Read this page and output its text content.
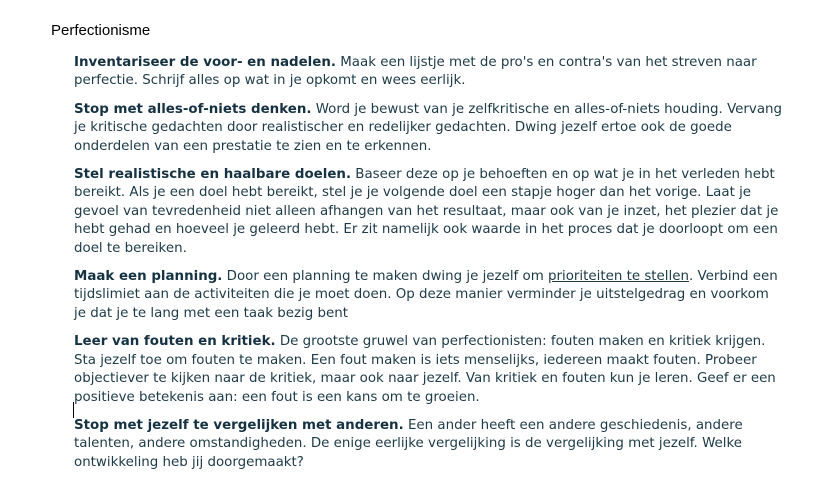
Perfectionisme

Inventariseer de voor- en nadelen. Maak een lijstje met de pro's en contra's van het streven naar perfectie. Schrijf alles op wat in je opkomt en wees eerlijk.

Stop met alles-of-niets denken. Word je bewust van je zelfkritische en alles-of-niets houding. Vervang je kritische gedachten door realistischer en redelijker gedachten. Dwing jezelf ertoe ook de goede onderdelen van een prestatie te zien en te erkennen.

Stel realistische en haalbare doelen. Baseer deze op je behoeften en op wat je in het verleden hebt bereikt. Als je een doel hebt bereikt, stel je je volgende doel een stapje hoger dan het vorige. Laat je gevoel van tevredenheid niet alleen afhangen van het resultaat, maar ook van je inzet, het plezier dat je hebt gehad en hoeveel je geleerd hebt. Er zit namelijk ook waarde in het proces dat je doorloopt om een doel te bereiken.

Maak een planning. Door een planning te maken dwing je jezelf om prioriteiten te stellen. Verbind een tijdslimiet aan de activiteiten die je moet doen. Op deze manier verminder je uitstelgedrag en voorkom je dat je te lang met een taak bezig bent

Leer van fouten en kritiek. De grootste gruwel van perfectionisten: fouten maken en kritiek krijgen. Sta jezelf toe om fouten te maken. Een fout maken is iets menselijks, iedereen maakt fouten. Probeer objectiever te kijken naar de kritiek, maar ook naar jezelf. Van kritiek en fouten kun je leren. Geef er een positieve betekenis aan: een fout is een kans om te groeien.

Stop met jezelf te vergelijken met anderen. Een ander heeft een andere geschiedenis, andere talenten, andere omstandigheden. De enige eerlijke vergelijking is de vergelijking met jezelf. Welke ontwikkeling heb jij doorgemaakt?
